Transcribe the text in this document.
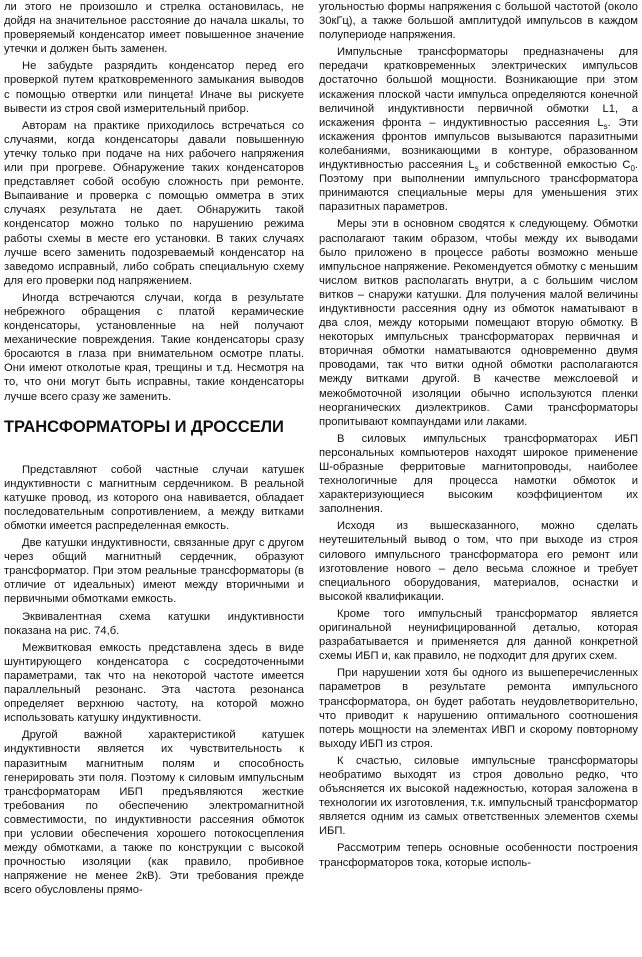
ли этого не произошло и стрелка остановилась, не дойдя на значительное расстояние до начала шкалы, то проверяемый конденсатор имеет повышенное значение утечки и должен быть заменен.

Не забудьте разрядить конденсатор перед его проверкой путем кратковременного замыкания выводов с помощью отвертки или пинцета! Иначе вы рискуете вывести из строя свой измерительный прибор.

Авторам на практике приходилось встречаться со случаями, когда конденсаторы давали повышенную утечку только при подаче на них рабочего напряжения или при прогреве. Обнаружение таких конденсаторов представляет собой особую сложность при ремонте. Выпаивание и проверка с помощью омметра в этих случаях результата не дает. Обнаружить такой конденсатор можно только по нарушению режима работы схемы в месте его установки. В таких случаях лучше всего заменить подозреваемый конденсатор на заведомо исправный, либо собрать специальную схему для его проверки под напряжением.

Иногда встречаются случаи, когда в результате небрежного обращения с платой керамические конденсаторы, установленные на ней получают механические повреждения. Такие конденсаторы сразу бросаются в глаза при внимательном осмотре платы. Они имеют отколотые края, трещины и т.д. Несмотря на то, что они могут быть исправны, такие конденсаторы лучше всего сразу же заменить.

ТРАНСФОРМАТОРЫ И ДРОССЕЛИ

Представляют собой частные случаи катушек индуктивности с магнитным сердечником. В реальной катушке провод, из которого она навивается, обладает последовательным сопротивлением, а между витками обмотки имеется распределенная емкость.

Две катушки индуктивности, связанные друг с другом через общий магнитный сердечник, образуют трансформатор. При этом реальные трансформаторы (в отличие от идеальных) имеют между вторичными и первичными обмотками емкость.

Эквивалентная схема катушки индуктивности показана на рис. 74,б.

Межвитковая емкость представлена здесь в виде шунтирующего конденсатора с сосредоточенными параметрами, так что на некоторой частоте имеется параллельный резонанс. Эта частота резонанса определяет верхнюю частоту, на которой можно использовать катушку индуктивности.

Другой важной характеристикой катушек индуктивности является их чувствительность к паразитным магнитным полям и способность генерировать эти поля. Поэтому к силовым импульсным трансформаторам ИБП предъявляются жесткие требования по обеспечению электромагнитной совместимости, по индуктивности рассеяния обмоток при условии обеспечения хорошего потокосцепления между обмотками, а также по конструкции с высокой прочностью изоляции (как правило, пробивное напряжение не менее 2кВ). Эти требования прежде всего обусловлены прямо-

угольностью формы напряжения с большой частотой (около 30кГц), а также большой амплитудой импульсов в каждом полупериоде напряжения.

Импульсные трансформаторы предназначены для передачи кратковременных электрических импульсов достаточно большой мощности. Возникающие при этом искажения плоской части импульса определяются конечной величиной индуктивности первичной обмотки L1, а искажения фронта – индуктивностью рассеяния $L_s$. Эти искажения фронтов импульсов вызываются паразитными колебаниями, возникающими в контуре, образованном индуктивностью рассеяния $L_s$ и собственной емкостью $С_0$. Поэтому при выполнении импульсного трансформатора принимаются специальные меры для уменьшения этих паразитных параметров.

Меры эти в основном сводятся к следующему. Обмотки располагают таким образом, чтобы между их выводами было приложено в процессе работы возможно меньше импульсное напряжение. Рекомендуется обмотку с меньшим числом витков располагать внутри, а с большим числом витков – снаружи катушки. Для получения малой величины индуктивности рассеяния одну из обмоток наматывают в два слоя, между которыми помещают вторую обмотку. В некоторых импульсных трансформаторах первичная и вторичная обмотки наматываются одновременно двумя проводами, так что витки одной обмотки располагаются между витками другой. В качестве межслоевой и межобмоточной изоляции обычно используются пленки неорганических диэлектриков. Сами трансформаторы пропитывают компаундами или лаками.

В силовых импульсных трансформаторах ИБП персональных компьютеров находят широкое применение Ш-образные ферритовые магнитопроводы, наиболее технологичные для процесса намотки обмоток и характеризующиеся высоким коэффициентом их заполнения.

Исходя из вышесказанного, можно сделать неутешительный вывод о том, что при выходе из строя силового импульсного трансформатора его ремонт или изготовление нового – дело весьма сложное и требует специального оборудования, материалов, оснастки и высокой квалификации.

Кроме того импульсный трансформатор является оригинальной неунифицированной деталью, которая разрабатывается и применяется для данной конкретной схемы ИБП и, как правило, не подходит для других схем.

При нарушении хотя бы одного из вышеперечисленных параметров в результате ремонта импульсного трансформатора, он будет работать неудовлетворительно, что приводит к нарушению оптимального соотношения потерь мощности на элементах ИВП и скорому повторному выходу ИБП из строя.

К счастью, силовые импульсные трансформаторы необратимо выходят из строя довольно редко, что объясняется их высокой надежностью, которая заложена в технологии их изготовления, т.к. импульсный трансформатор является одним из самых ответственных элементов схемы ИБП.

Рассмотрим теперь основные особенности построения трансформаторов тока, которые исполь-
